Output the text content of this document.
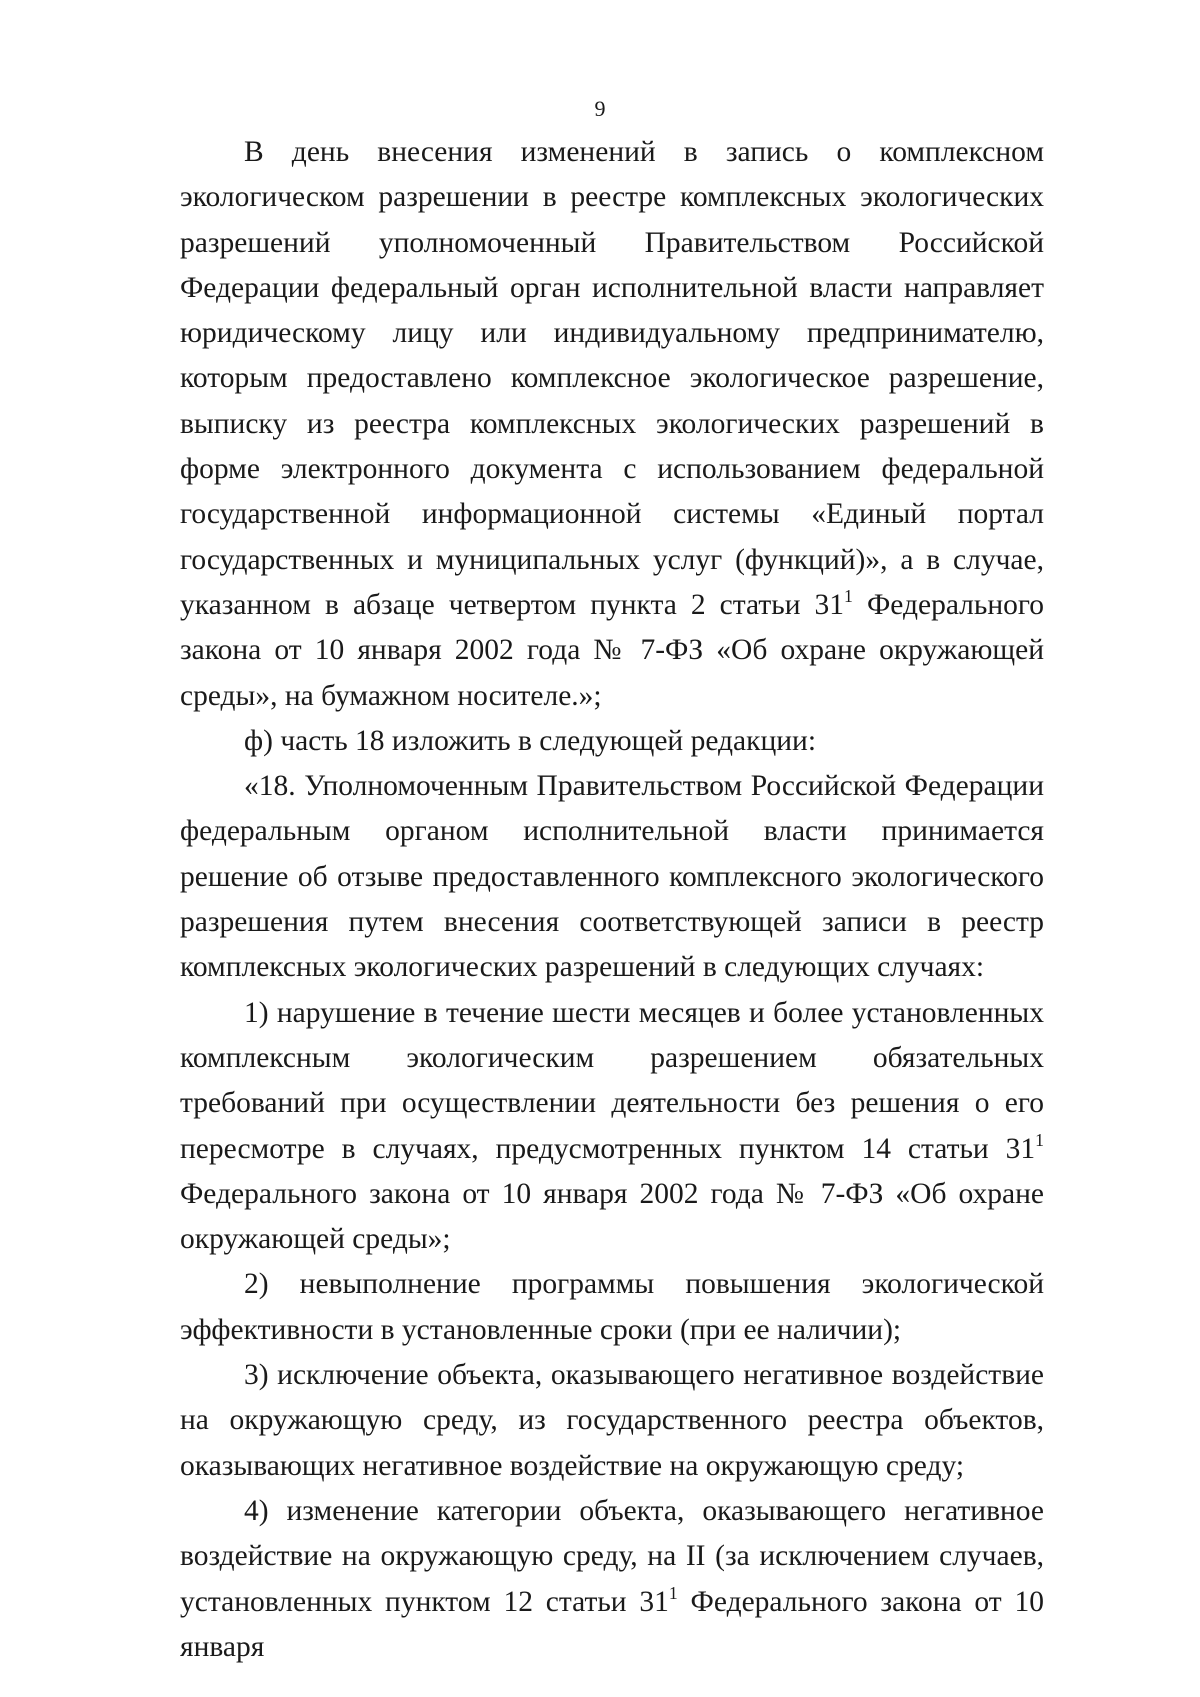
9

В день внесения изменений в запись о комплексном экологическом разрешении в реестре комплексных экологических разрешений уполномоченный Правительством Российской Федерации федеральный орган исполнительной власти направляет юридическому лицу или индивидуальному предпринимателю, которым предоставлено комплексное экологическое разрешение, выписку из реестра комплексных экологических разрешений в форме электронного документа с использованием федеральной государственной информационной системы «Единый портал государственных и муниципальных услуг (функций)», а в случае, указанном в абзаце четвертом пункта 2 статьи $31^1$ Федерального закона от 10 января 2002 года № 7-ФЗ «Об охране окружающей среды», на бумажном носителе.»;

ф) часть 18 изложить в следующей редакции:

«18. Уполномоченным Правительством Российской Федерации федеральным органом исполнительной власти принимается решение об отзыве предоставленного комплексного экологического разрешения путем внесения соответствующей записи в реестр комплексных экологических разрешений в следующих случаях:

1) нарушение в течение шести месяцев и более установленных комплексным экологическим разрешением обязательных требований при осуществлении деятельности без решения о его пересмотре в случаях, предусмотренных пунктом 14 статьи $31^1$ Федерального закона от 10 января 2002 года № 7-ФЗ «Об охране окружающей среды»;

2) невыполнение программы повышения экологической эффективности в установленные сроки (при ее наличии);

3) исключение объекта, оказывающего негативное воздействие на окружающую среду, из государственного реестра объектов, оказывающих негативное воздействие на окружающую среду;

4) изменение категории объекта, оказывающего негативное воздействие на окружающую среду, на II (за исключением случаев, установленных пунктом 12 статьи $31^1$ Федерального закона от 10 января
